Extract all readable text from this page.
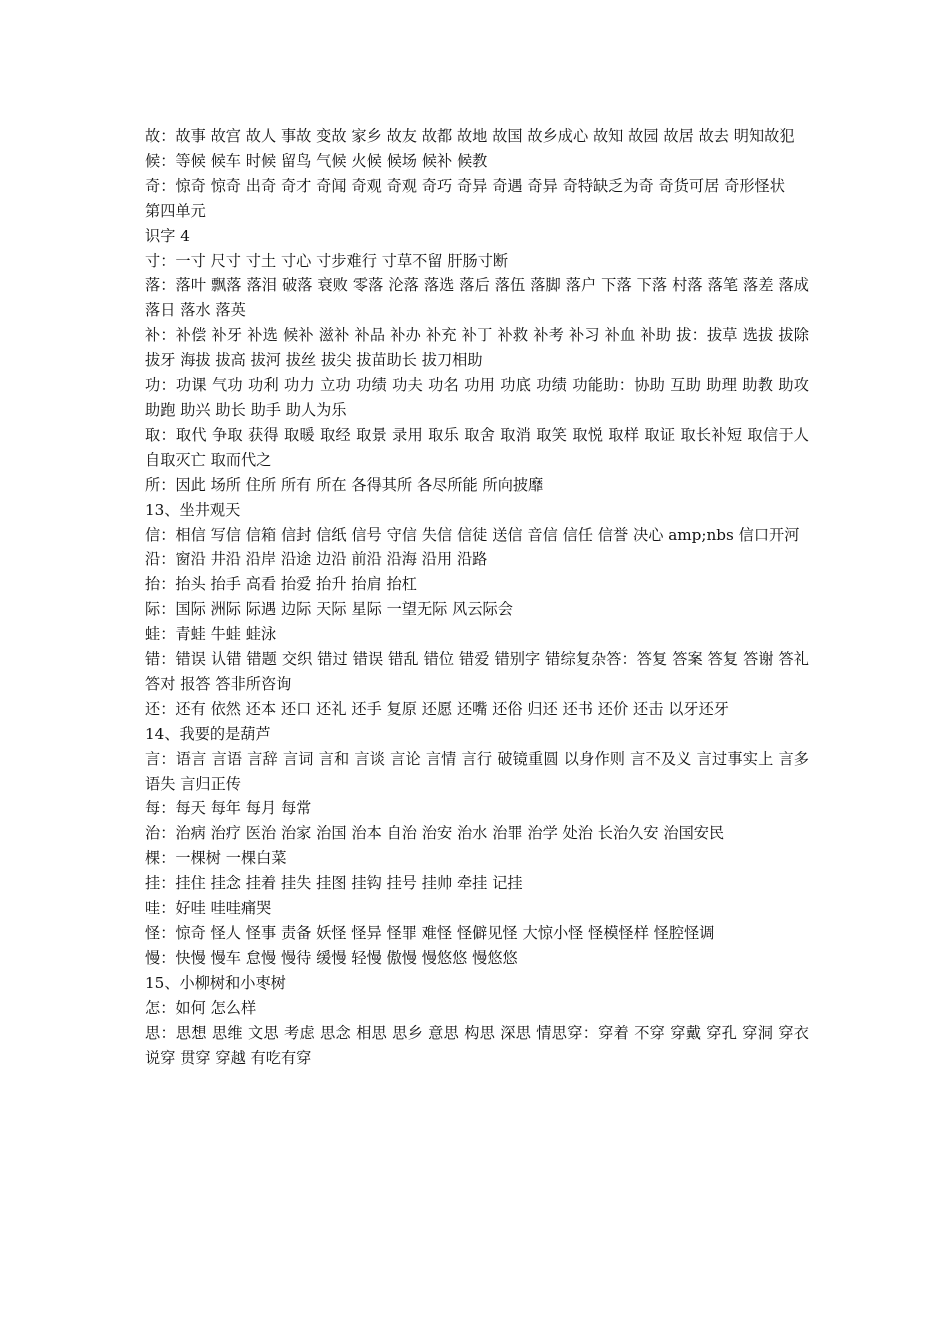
故：故事 故宫 故人 事故 变故 家乡 故友 故都 故地 故国 故乡成心 故知 故园 故居 故去 明知故犯

候：等候 候车 时候 留鸟 气候 火候 候场 候补 候教

奇：惊奇 惊奇 出奇 奇才 奇闻 奇观 奇观 奇巧 奇异 奇遇 奇异 奇特缺乏为奇 奇货可居 奇形怪状

第四单元

识字 4

寸：一寸 尺寸 寸土 寸心 寸步难行 寸草不留 肝肠寸断

落：落叶 飘落 落泪 破落 衰败 零落 沦落 落选 落后 落伍 落脚 落户 下落 下落 村落 落笔 落差 落成 落日 落水 落英

补：补偿 补牙 补选 候补 滋补 补品 补办 补充 补丁 补救 补考 补习 补血 补助 拔：拔草 选拔 拔除 拔牙 海拔 拔高 拔河 拔丝 拔尖 拔苗助长 拔刀相助

功：功课 气功 功利 功力 立功 功绩 功夫 功名 功用 功底 功绩 功能助：协助 互助 助理 助教 助攻 助跑 助兴 助长 助手 助人为乐

取：取代 争取 获得 取暖 取经 取景 录用 取乐 取舍 取消 取笑 取悦 取样 取证 取长补短 取信于人 自取灭亡 取而代之

所：因此 场所 住所 所有 所在 各得其所 各尽所能 所向披靡

13、坐井观天

信：相信 写信 信箱 信封 信纸 信号 守信 失信 信徒 送信 音信 信任 信誉 决心 amp;nbs 信口开河

沿：窗沿 井沿 沿岸 沿途 边沿 前沿 沿海 沿用 沿路

抬：抬头 抬手 高看 抬爱 抬升 抬肩 抬杠

际：国际 洲际 际遇 边际 天际 星际 一望无际 风云际会

蛙：青蛙 牛蛙 蛙泳

错：错误 认错 错题 交织 错过 错误 错乱 错位 错爱 错别字 错综复杂答：答复 答案 答复 答谢 答礼 答对 报答 答非所咨询

还：还有 依然 还本 还口 还礼 还手 复原 还愿 还嘴 还俗 归还 还书 还价 还击 以牙还牙

14、我要的是葫芦

言：语言 言语 言辞 言词 言和 言谈 言论 言情 言行 破镜重圆 以身作则 言不及义 言过事实上 言多语失 言归正传

每：每天 每年 每月 每常

治：治病 治疗 医治 治家 治国 治本 自治 治安 治水 治罪 治学 处治 长治久安 治国安民

棵：一棵树 一棵白菜

挂：挂住 挂念 挂着 挂失 挂图 挂钩 挂号 挂帅 牵挂 记挂

哇：好哇 哇哇痛哭

怪：惊奇 怪人 怪事 责备 妖怪 怪异 怪罪 难怪 怪僻见怪 大惊小怪 怪模怪样 怪腔怪调

慢：快慢 慢车 怠慢 慢待 缓慢 轻慢 傲慢 慢悠悠 慢悠悠

15、小柳树和小枣树

怎：如何 怎么样

思：思想 思维 文思 考虑 思念 相思 思乡 意思 构思 深思 情思穿：穿着 不穿 穿戴 穿孔 穿洞 穿衣 说穿 贯穿 穿越 有吃有穿
